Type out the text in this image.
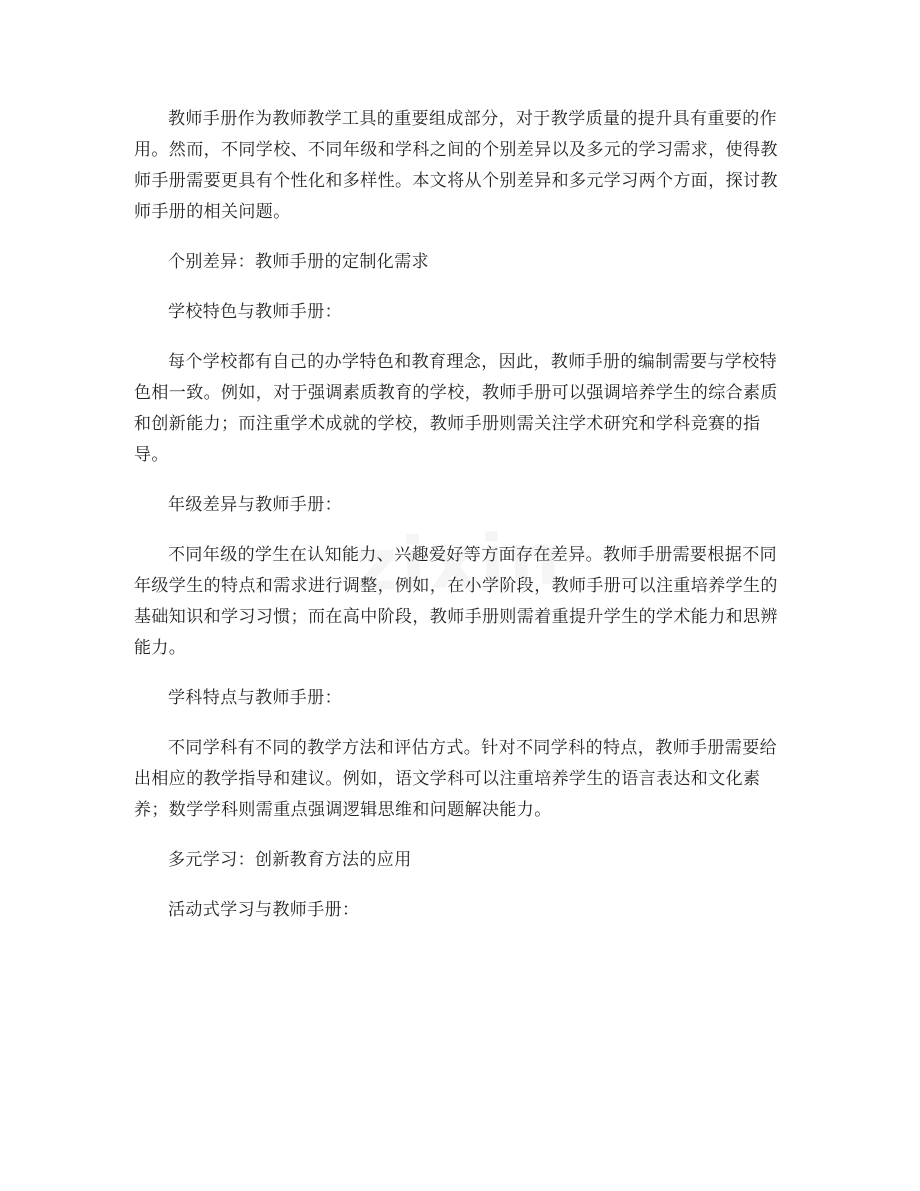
教师手册作为教师教学工具的重要组成部分，对于教学质量的提升具有重要的作用。然而，不同学校、不同年级和学科之间的个别差异以及多元的学习需求，使得教师手册需要更具有个性化和多样性。本文将从个别差异和多元学习两个方面，探讨教师手册的相关问题。

个别差异：教师手册的定制化需求

学校特色与教师手册：

每个学校都有自己的办学特色和教育理念，因此，教师手册的编制需要与学校特色相一致。例如，对于强调素质教育的学校，教师手册可以强调培养学生的综合素质和创新能力；而注重学术成就的学校，教师手册则需关注学术研究和学科竞赛的指导。

年级差异与教师手册：

不同年级的学生在认知能力、兴趣爱好等方面存在差异。教师手册需要根据不同年级学生的特点和需求进行调整，例如，在小学阶段，教师手册可以注重培养学生的基础知识和学习习惯；而在高中阶段，教师手册则需着重提升学生的学术能力和思辨能力。

学科特点与教师手册：

不同学科有不同的教学方法和评估方式。针对不同学科的特点，教师手册需要给出相应的教学指导和建议。例如，语文学科可以注重培养学生的语言表达和文化素养；数学学科则需重点强调逻辑思维和问题解决能力。

多元学习：创新教育方法的应用

活动式学习与教师手册：
